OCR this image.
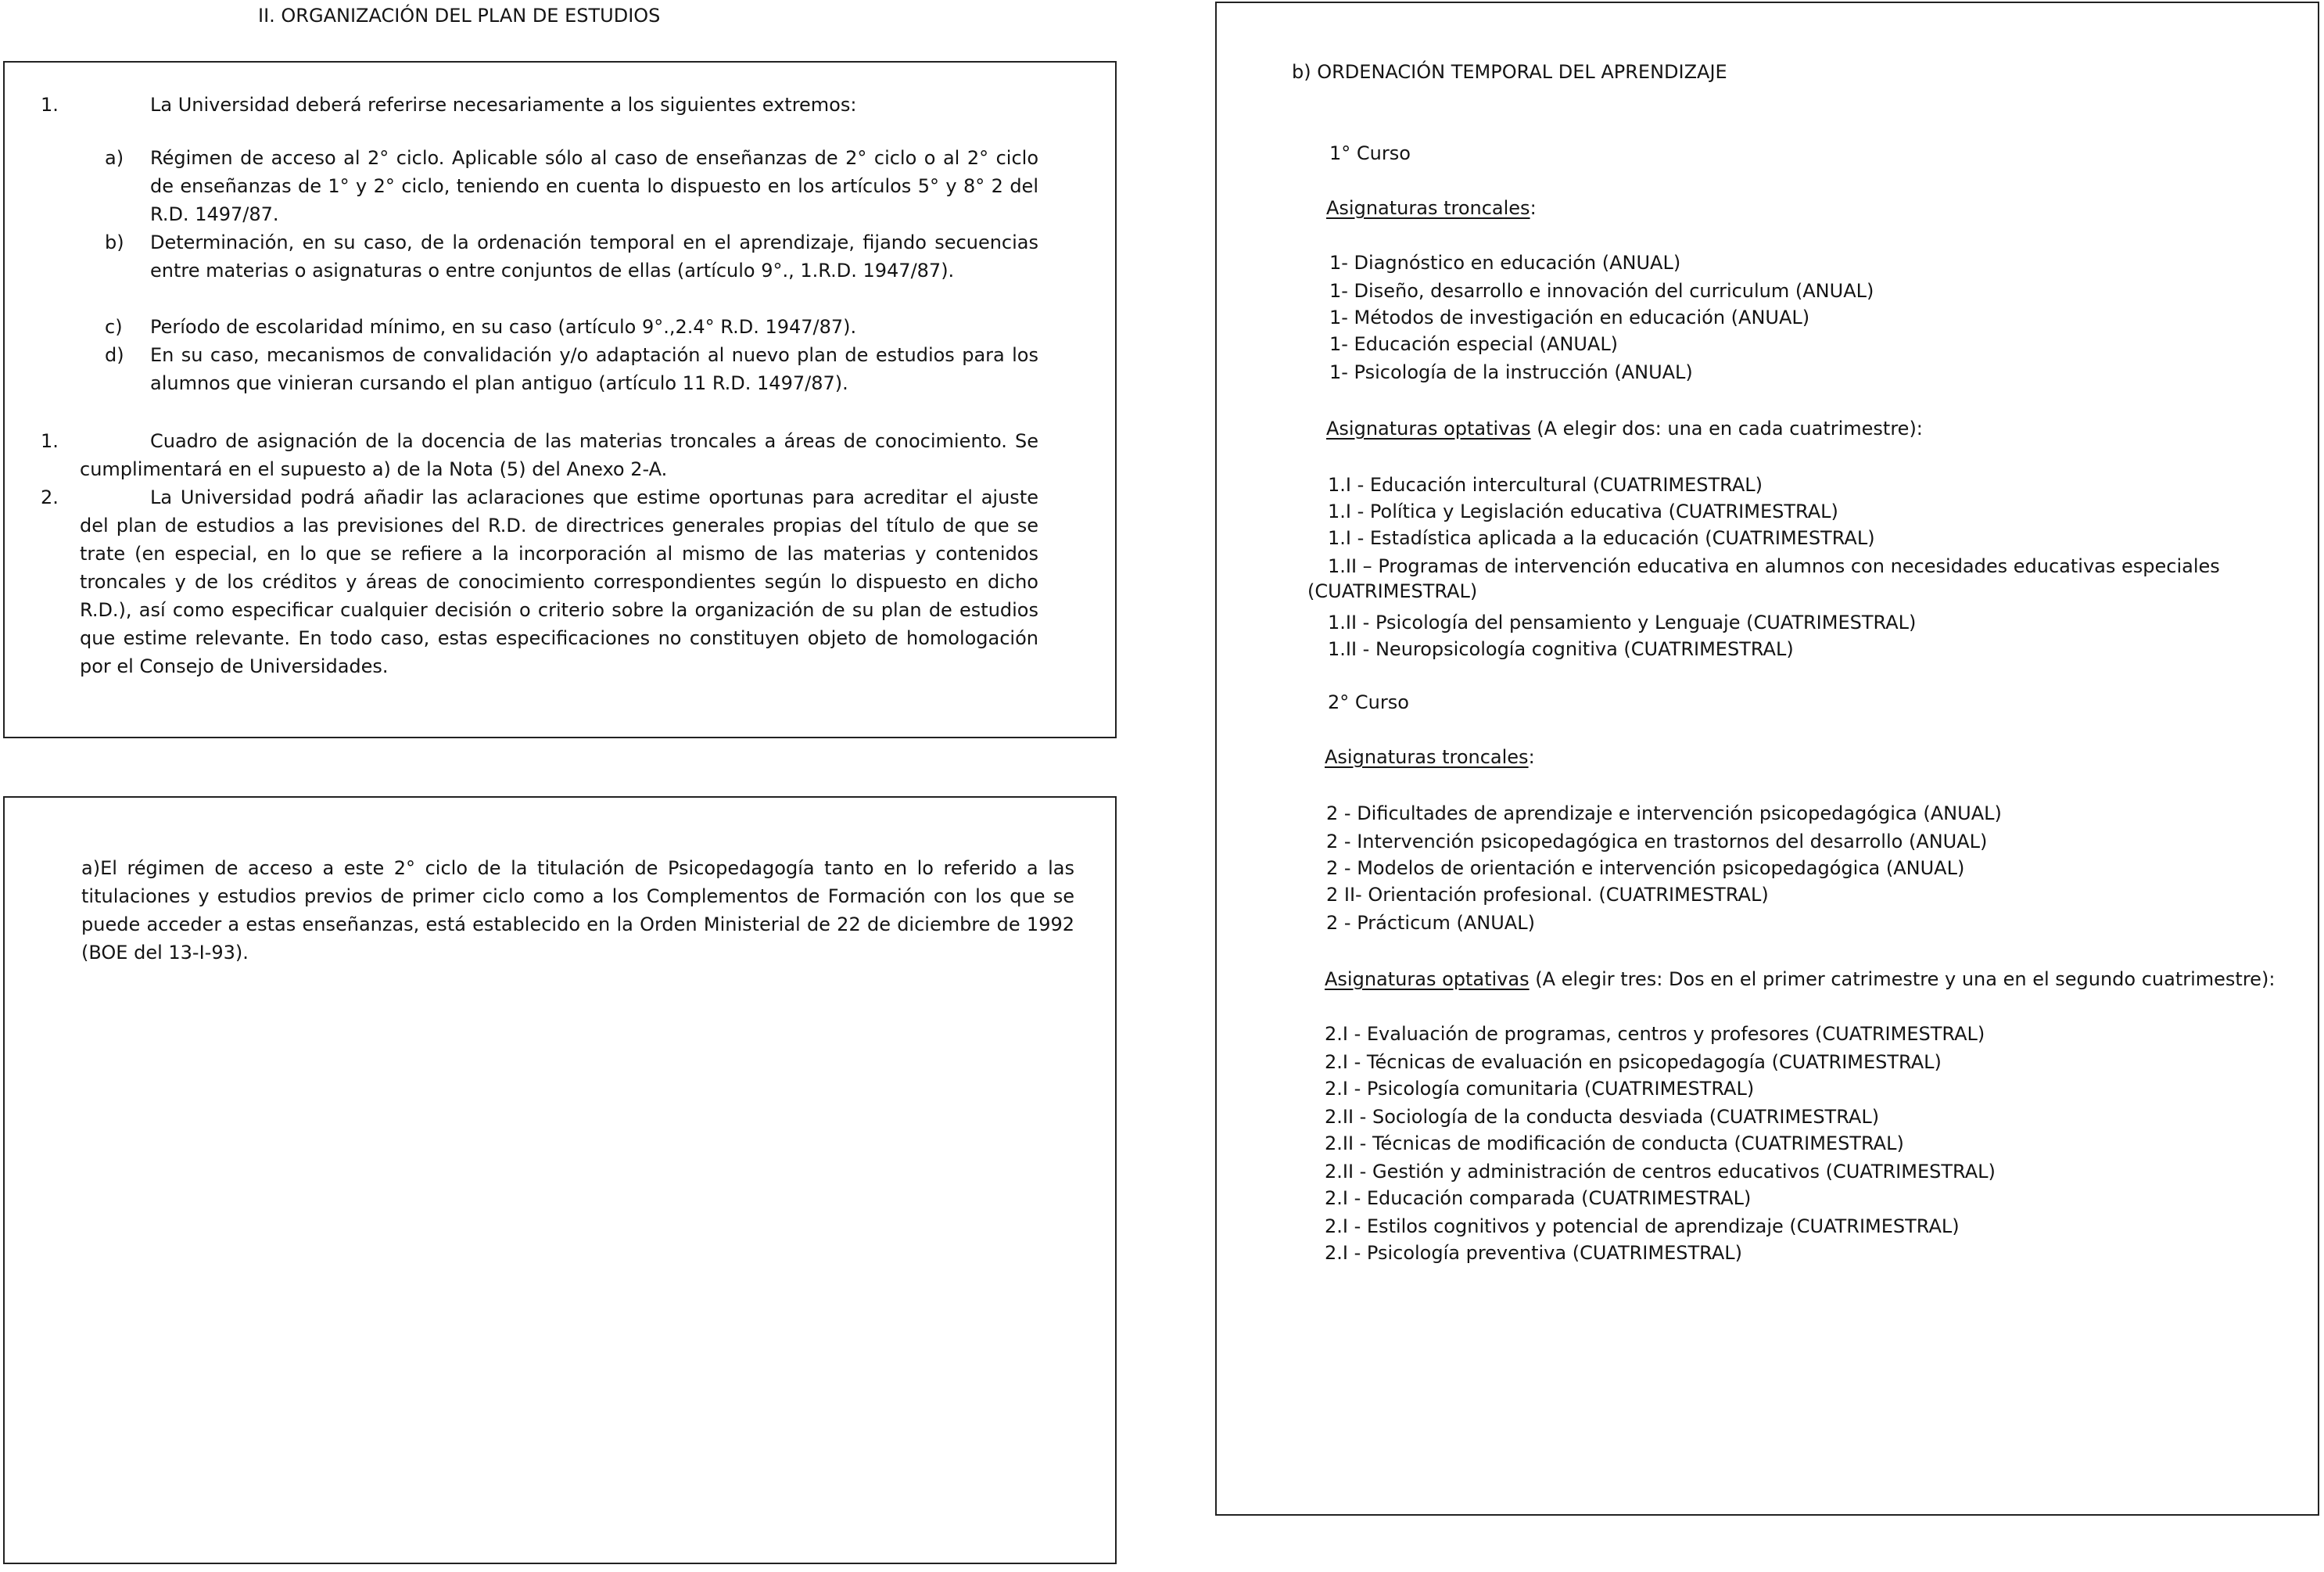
II. ORGANIZACIÓN DEL PLAN DE ESTUDIOS
1.	La Universidad deberá referirse necesariamente a los siguientes extremos:
a) Régimen de acceso al 2° ciclo. Aplicable sólo al caso de enseñanzas de 2° ciclo o al 2° ciclo de enseñanzas de 1° y 2° ciclo, teniendo en cuenta lo dispuesto en los artículos 5° y 8° 2 del R.D. 1497/87.
b) Determinación, en su caso, de la ordenación temporal en el aprendizaje, fijando secuencias entre materias o asignaturas o entre conjuntos de ellas (artículo 9°., 1.R.D. 1947/87).
c) Período de escolaridad mínimo, en su caso (artículo 9°.,2.4° R.D. 1947/87).
d) En su caso, mecanismos de convalidación y/o adaptación al nuevo plan de estudios para los alumnos que vinieran cursando el plan antiguo (artículo 11 R.D. 1497/87).
1.	Cuadro de asignación de la docencia de las materias troncales a áreas de conocimiento. Se cumplimentará en el supuesto a) de la Nota (5) del Anexo 2-A.
2.	La Universidad podrá añadir las aclaraciones que estime oportunas para acreditar el ajuste del plan de estudios a las previsiones del R.D. de directrices generales propias del título de que se trate (en especial, en lo que se refiere a la incorporación al mismo de las materias y contenidos troncales y de los créditos y áreas de conocimiento correspondientes según lo dispuesto en dicho R.D.), así como especificar cualquier decisión o criterio sobre la organización de su plan de estudios que estime relevante. En todo caso, estas especificaciones no constituyen objeto de homologación por el Consejo de Universidades.
a)El régimen de acceso a este 2° ciclo de la titulación de Psicopedagogía tanto en lo referido a las titulaciones y estudios previos de primer ciclo como a los Complementos de Formación con los que se puede acceder a estas enseñanzas, está establecido en la Orden Ministerial de 22 de diciembre de 1992 (BOE del 13-I-93).
b) ORDENACIÓN TEMPORAL DEL APRENDIZAJE
1° Curso
Asignaturas troncales:
1- Diagnóstico en educación (ANUAL)
1- Diseño, desarrollo e innovación del curriculum (ANUAL)
1- Métodos de investigación en educación (ANUAL)
1- Educación especial (ANUAL)
1- Psicología de la instrucción (ANUAL)
Asignaturas optativas (A elegir dos: una en cada cuatrimestre):
1.I - Educación intercultural (CUATRIMESTRAL)
1.I - Política y Legislación educativa (CUATRIMESTRAL)
1.I - Estadística aplicada a la educación (CUATRIMESTRAL)
1.II – Programas de intervención educativa en alumnos con necesidades educativas especiales
(CUATRIMESTRAL)
1.II - Psicología del pensamiento y Lenguaje (CUATRIMESTRAL)
1.II - Neuropsicología cognitiva (CUATRIMESTRAL)
2° Curso
Asignaturas troncales:
2 - Dificultades de aprendizaje e intervención psicopedagógica (ANUAL)
2 - Intervención psicopedagógica en trastornos del desarrollo (ANUAL)
2 - Modelos de orientación e intervención psicopedagógica (ANUAL)
2 II- Orientación profesional. (CUATRIMESTRAL)
2 - Prácticum (ANUAL)
Asignaturas optativas (A elegir tres: Dos en el primer catrimestre y una en el segundo cuatrimestre):
2.I - Evaluación de programas, centros y profesores (CUATRIMESTRAL)
2.I - Técnicas de evaluación en psicopedagogía (CUATRIMESTRAL)
2.I - Psicología comunitaria (CUATRIMESTRAL)
2.II - Sociología de la conducta desviada (CUATRIMESTRAL)
2.II - Técnicas de modificación de conducta (CUATRIMESTRAL)
2.II - Gestión y administración de centros educativos (CUATRIMESTRAL)
2.I - Educación comparada (CUATRIMESTRAL)
2.I - Estilos cognitivos y potencial de aprendizaje (CUATRIMESTRAL)
2.I - Psicología preventiva (CUATRIMESTRAL)
